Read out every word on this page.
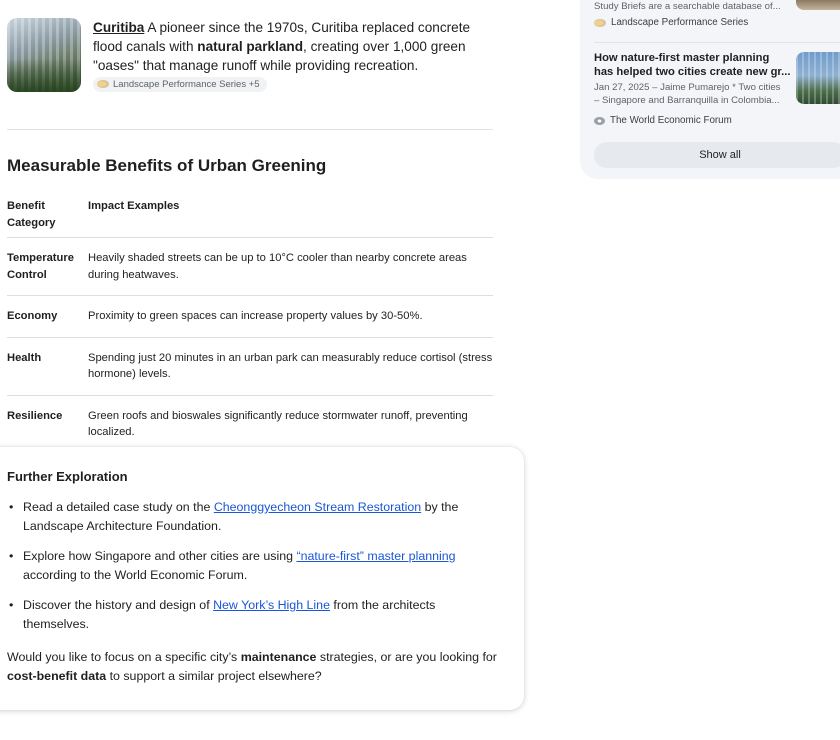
Curitiba A pioneer since the 1970s, Curitiba replaced concrete flood canals with natural parkland, creating over 1,000 green "oases" that manage runoff while providing recreation.
Landscape Performance Series +5
Measurable Benefits of Urban Greening
Benefit Category	Impact Examples
Temperature Control	Heavily shaded streets can be up to 10°C cooler than nearby concrete areas during heatwaves.
Economy	Proximity to green spaces can increase property values by 30-50%.
Health	Spending just 20 minutes in an urban park can measurably reduce cortisol (stress hormone) levels.
Resilience	Green roofs and bioswales significantly reduce stormwater runoff, preventing localized.
Further Exploration
• Read a detailed case study on the Cheonggyecheon Stream Restoration by the Landscape Architecture Foundation.
• Explore how Singapore and other cities are using “nature-first” master planning according to the World Economic Forum.
• Discover the history and design of New York’s High Line from the architects themselves.

Would you like to focus on a specific city’s maintenance strategies, or are you looking for cost-benefit data to support a similar project elsewhere?

Study Briefs are a searchable database of...
Landscape Performance Series
How nature-first master planning
has helped two cities create new gr...
Jan 27, 2025 – Jaime Pumarejo * Two cities
– Singapore and Barranquilla in Colombia...
The World Economic Forum
Show all
